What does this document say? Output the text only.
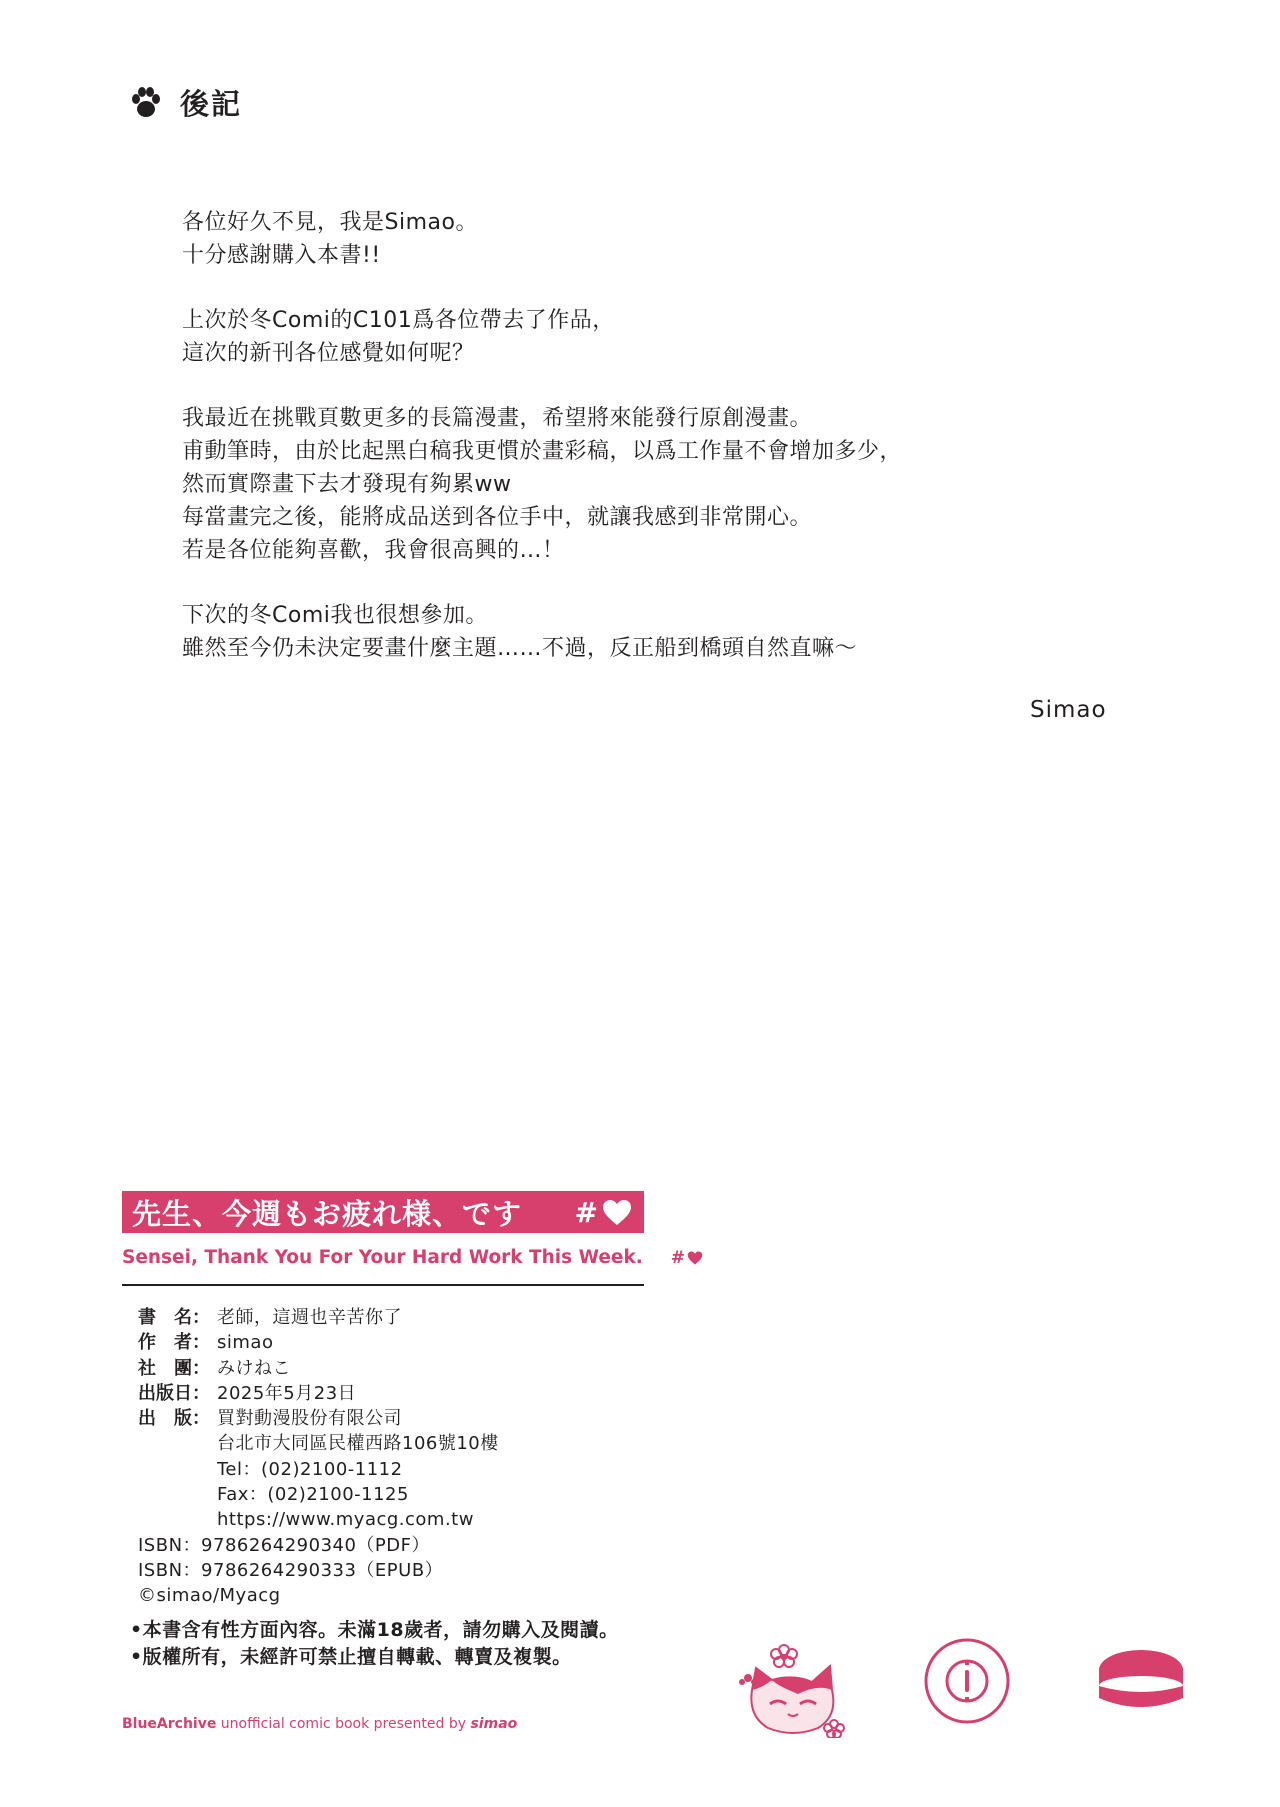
後記
各位好久不見，我是Simao。
十分感謝購入本書!!
上次於冬Comi的C101爲各位帶去了作品，
這次的新刊各位感覺如何呢？
我最近在挑戰頁數更多的長篇漫畫，希望將來能發行原創漫畫。
甫動筆時，由於比起黑白稿我更慣於畫彩稿，以爲工作量不會增加多少，
然而實際畫下去才發現有夠累ww
每當畫完之後，能將成品送到各位手中，就讓我感到非常開心。
若是各位能夠喜歡，我會很高興的…！
下次的冬Comi我也很想參加。
雖然至今仍未決定要畫什麼主題……不過，反正船到橋頭自然直嘛～
Simao
先生、今週もお疲れ様、です #
Sensei, Thank You For Your Hard Work This Week. #
書　名： 老師，這週也辛苦你了
作　者： simao
社　團： みけねこ
出版日： 2025年5月23日
出　版： 買對動漫股份有限公司
台北市大同區民權西路106號10樓
Tel：(02)2100-1112
Fax：(02)2100-1125
https://www.myacg.com.tw
ISBN：9786264290340（PDF）
ISBN：9786264290333（EPUB）
©simao/Myacg
•本書含有性方面內容。未滿18歲者，請勿購入及閱讀。
•版權所有，未經許可禁止擅自轉載、轉賣及複製。
BlueArchive unofficial comic book presented by simao
